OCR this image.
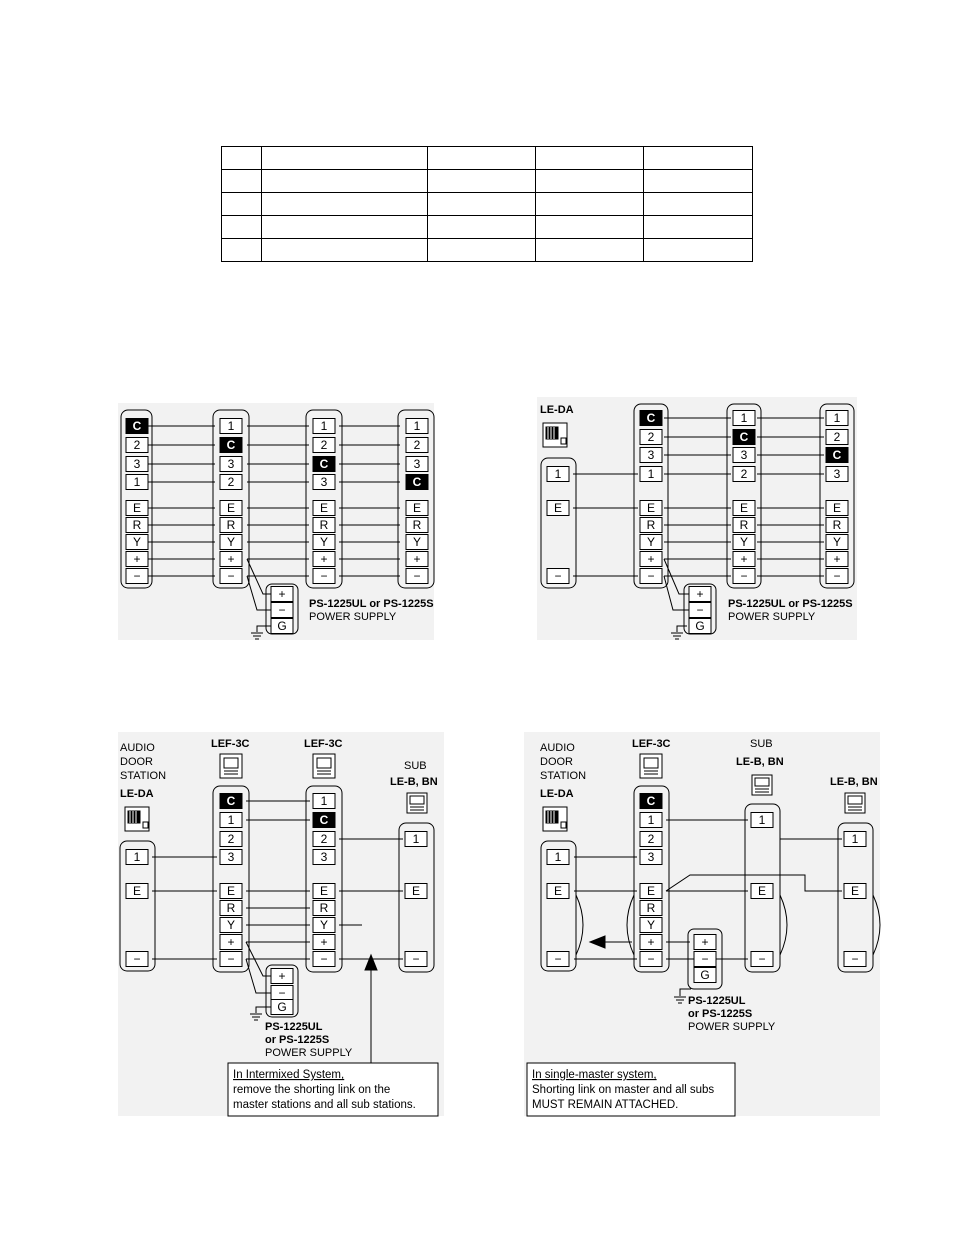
C
2
3
1
E
R
Y
+
−
1
C
3
2
E
R
Y
+
−
1
2
C
3
E
R
Y
+
−
1
2
3
C
E
R
Y
+
−
+
−
G
1
E
−
C
2
3
1
E
R
Y
+
−
1
C
3
2
E
R
Y
+
−
1
2
C
3
E
R
Y
+
−
+
−
G
1
E
−
C
1
2
3
E
R
Y
+
−
1
C
2
3
E
R
Y
+
−
1
E
−
+
−
G
1
E
−
C
1
2
3
E
R
Y
+
−
1
E
−
1
E
−
+
−
G
PS-1225UL or PS-1225S
POWER SUPPLY
PS-1225UL or PS-1225S
POWER SUPPLY
PS-1225UL
or PS-1225S
POWER SUPPLY
PS-1225UL
or PS-1225S
POWER SUPPLY
LE-DA
AUDIO
DOOR
STATION
LE-DA
LEF-3C	LEF-3C
SUB
LE-B, BN
AUDIO
DOOR
STATION
LE-DA
LEF-3C	SUB
LE-B, BN
LE-B, BN
In Intermixed System,
remove the shorting link on the
master stations and all sub stations.
In single-master system,
Shorting link on master and all subs
MUST REMAIN ATTACHED.
